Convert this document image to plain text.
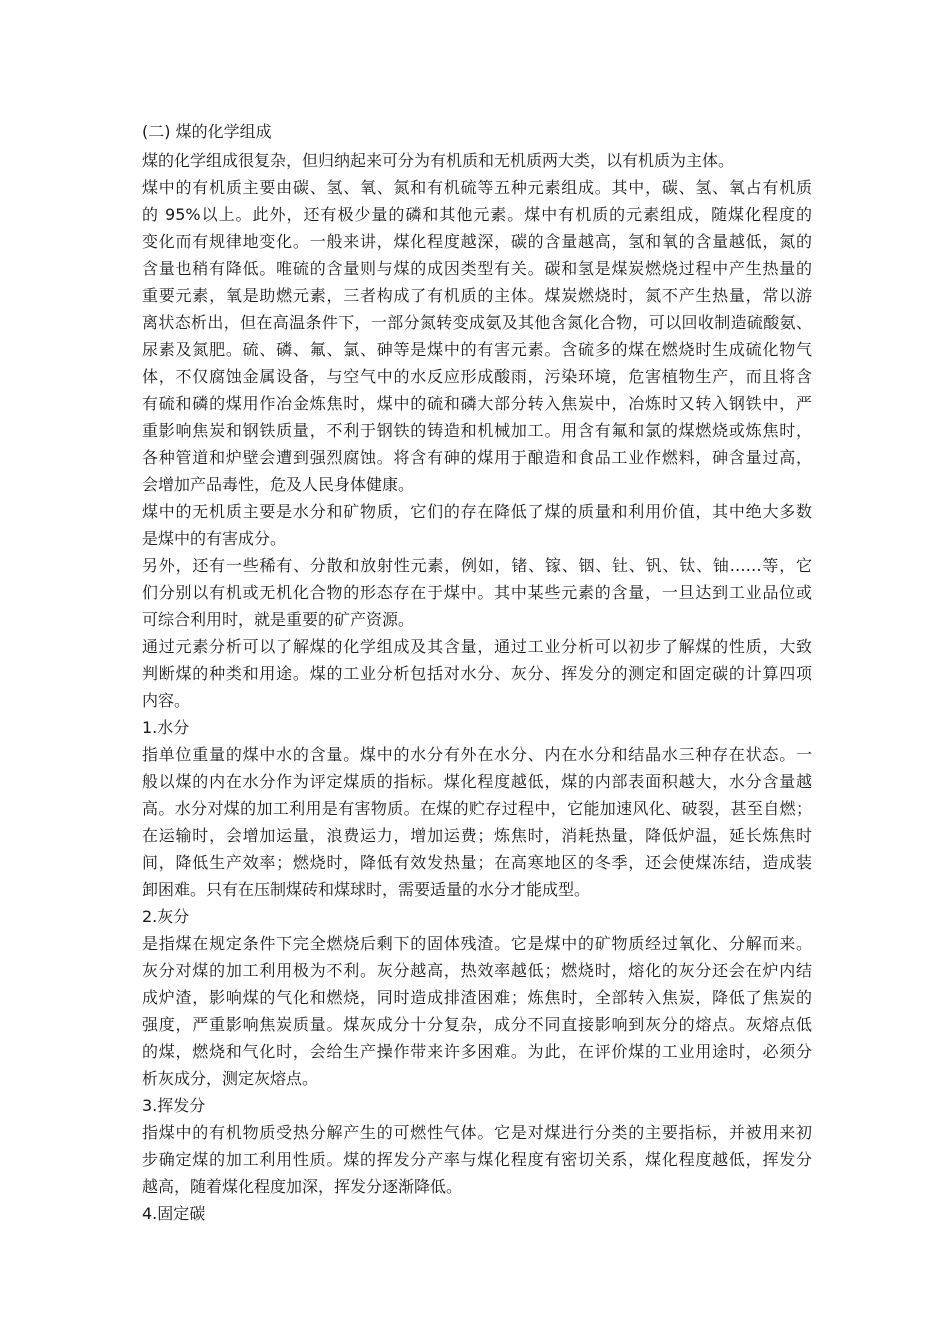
(二) 煤的化学组成
煤的化学组成很复杂，但归纳起来可分为有机质和无机质两大类，以有机质为主体。
煤中的有机质主要由碳、氢、氧、氮和有机硫等五种元素组成。其中，碳、氢、氧占有机质
的 95%以上。此外，还有极少量的磷和其他元素。煤中有机质的元素组成，随煤化程度的
变化而有规律地变化。一般来讲，煤化程度越深，碳的含量越高，氢和氧的含量越低，氮的
含量也稍有降低。唯硫的含量则与煤的成因类型有关。碳和氢是煤炭燃烧过程中产生热量的
重要元素，氧是助燃元素，三者构成了有机质的主体。煤炭燃烧时，氮不产生热量，常以游
离状态析出，但在高温条件下，一部分氮转变成氨及其他含氮化合物，可以回收制造硫酸氨、
尿素及氮肥。硫、磷、氟、氯、砷等是煤中的有害元素。含硫多的煤在燃烧时生成硫化物气
体，不仅腐蚀金属设备，与空气中的水反应形成酸雨，污染环境，危害植物生产，而且将含
有硫和磷的煤用作冶金炼焦时，煤中的硫和磷大部分转入焦炭中，冶炼时又转入钢铁中，严
重影响焦炭和钢铁质量，不利于钢铁的铸造和机械加工。用含有氟和氯的煤燃烧或炼焦时，
各种管道和炉壁会遭到强烈腐蚀。将含有砷的煤用于酿造和食品工业作燃料，砷含量过高，
会增加产品毒性，危及人民身体健康。
煤中的无机质主要是水分和矿物质，它们的存在降低了煤的质量和利用价值，其中绝大多数
是煤中的有害成分。
另外，还有一些稀有、分散和放射性元素，例如，锗、镓、铟、钍、钒、钛、铀……等，它
们分别以有机或无机化合物的形态存在于煤中。其中某些元素的含量，一旦达到工业品位或
可综合利用时，就是重要的矿产资源。
通过元素分析可以了解煤的化学组成及其含量，通过工业分析可以初步了解煤的性质，大致
判断煤的种类和用途。煤的工业分析包括对水分、灰分、挥发分的测定和固定碳的计算四项
内容。
1.水分
指单位重量的煤中水的含量。煤中的水分有外在水分、内在水分和结晶水三种存在状态。一
般以煤的内在水分作为评定煤质的指标。煤化程度越低，煤的内部表面积越大，水分含量越
高。水分对煤的加工利用是有害物质。在煤的贮存过程中，它能加速风化、破裂，甚至自燃；
在运输时，会增加运量，浪费运力，增加运费；炼焦时，消耗热量，降低炉温，延长炼焦时
间，降低生产效率；燃烧时，降低有效发热量；在高寒地区的冬季，还会使煤冻结，造成装
卸困难。只有在压制煤砖和煤球时，需要适量的水分才能成型。
2.灰分
是指煤在规定条件下完全燃烧后剩下的固体残渣。它是煤中的矿物质经过氧化、分解而来。
灰分对煤的加工利用极为不利。灰分越高，热效率越低；燃烧时，熔化的灰分还会在炉内结
成炉渣，影响煤的气化和燃烧，同时造成排渣困难；炼焦时，全部转入焦炭，降低了焦炭的
强度，严重影响焦炭质量。煤灰成分十分复杂，成分不同直接影响到灰分的熔点。灰熔点低
的煤，燃烧和气化时，会给生产操作带来许多困难。为此，在评价煤的工业用途时，必须分
析灰成分，测定灰熔点。
3.挥发分
指煤中的有机物质受热分解产生的可燃性气体。它是对煤进行分类的主要指标，并被用来初
步确定煤的加工利用性质。煤的挥发分产率与煤化程度有密切关系，煤化程度越低，挥发分
越高，随着煤化程度加深，挥发分逐渐降低。
4.固定碳
